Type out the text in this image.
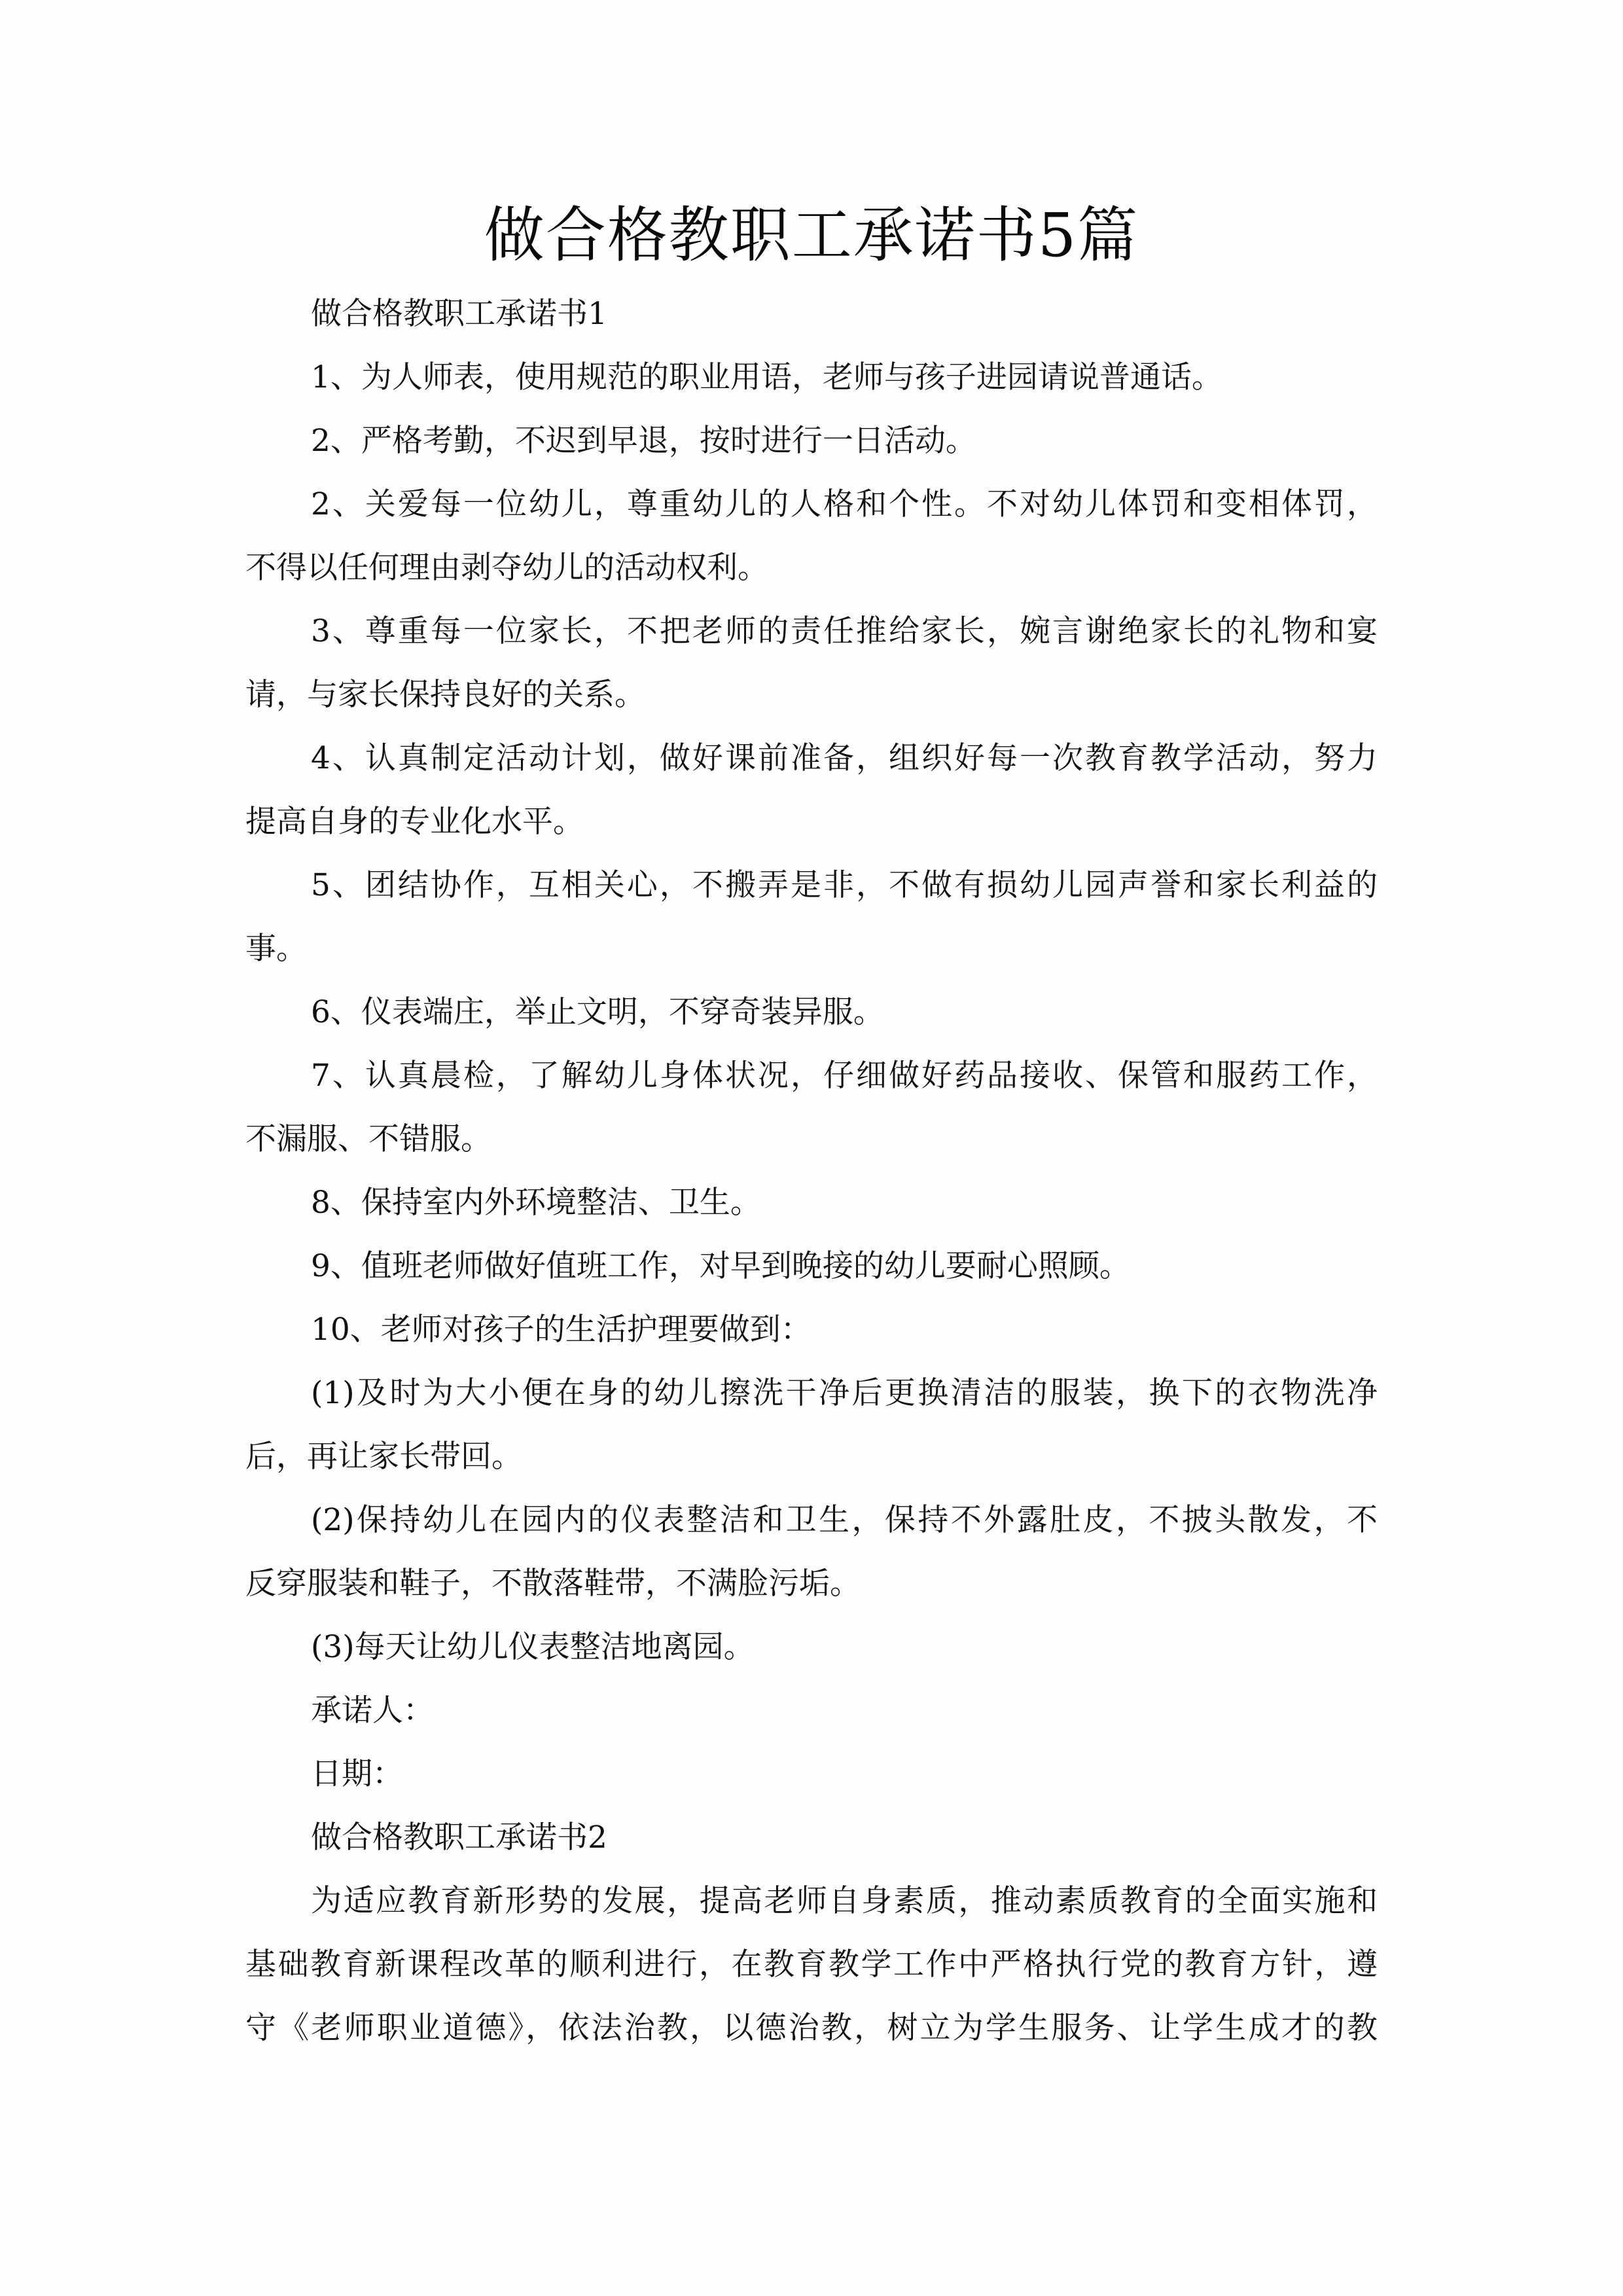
做合格教职工承诺书5篇
做合格教职工承诺书1
1、为人师表，使用规范的职业用语，老师与孩子进园请说普通话。
2、严格考勤，不迟到早退，按时进行一日活动。
2、关爱每一位幼儿，尊重幼儿的人格和个性。不对幼儿体罚和变相体罚，
不得以任何理由剥夺幼儿的活动权利。
3、尊重每一位家长，不把老师的责任推给家长，婉言谢绝家长的礼物和宴
请，与家长保持良好的关系。
4、认真制定活动计划，做好课前准备，组织好每一次教育教学活动，努力
提高自身的专业化水平。
5、团结协作，互相关心，不搬弄是非，不做有损幼儿园声誉和家长利益的
事。
6、仪表端庄，举止文明，不穿奇装异服。
7、认真晨检，了解幼儿身体状况，仔细做好药品接收、保管和服药工作，
不漏服、不错服。
8、保持室内外环境整洁、卫生。
9、值班老师做好值班工作，对早到晚接的幼儿要耐心照顾。
10、老师对孩子的生活护理要做到：
(1)及时为大小便在身的幼儿擦洗干净后更换清洁的服装，换下的衣物洗净
后，再让家长带回。
(2)保持幼儿在园内的仪表整洁和卫生，保持不外露肚皮，不披头散发，不
反穿服装和鞋子，不散落鞋带，不满脸污垢。
(3)每天让幼儿仪表整洁地离园。
承诺人：
日期：
做合格教职工承诺书2
为适应教育新形势的发展，提高老师自身素质，推动素质教育的全面实施和
基础教育新课程改革的顺利进行，在教育教学工作中严格执行党的教育方针，遵
守《老师职业道德》，依法治教，以德治教，树立为学生服务、让学生成才的教
